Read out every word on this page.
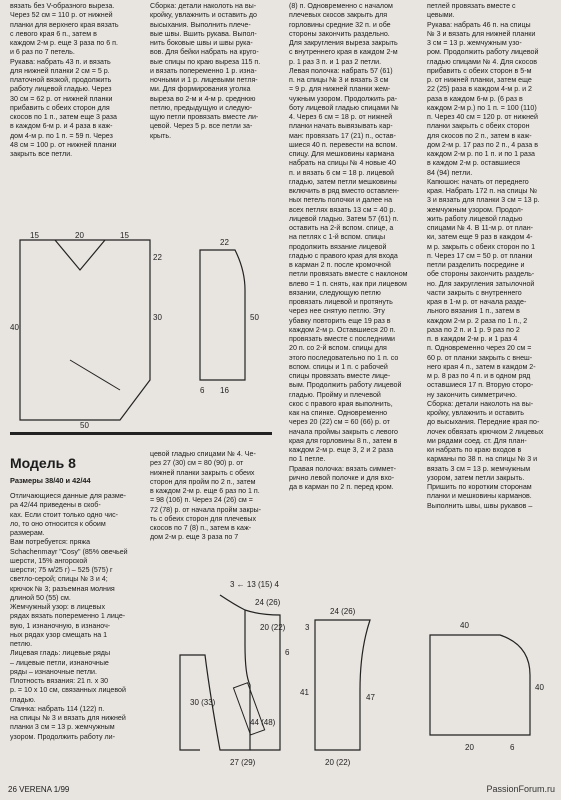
вязать без V-образного выреза.

Через 52 см = 110 р. от нижней

планки для верхнего края вязать

с левого края 6 п., затем в

каждом 2-м р. еще 3 раза по 6 п.

и 6 раз по 7 петель.

Рукава: набрать 43 п. и вязать

для нижней планки 2 см = 5 р.

платочной вязкой, продолжить

работу лицевой гладью. Через

30 см = 62 р. от нижней планки

прибавить с обеих сторон для

скосов по 1 п., затем еще 3 раза

в каждом 6-м р. и 4 раза в каж-

дом 4-м р. по 1 п. = 59 п. Через

48 см = 100 р. от нижней планки

закрыть все петли.

Сборка: детали наколоть на вы-

кройку, увлажнить и оставить до

высыхания. Выполнить плече-

вые швы. Вшить рукава. Выпол-

нить боковые швы и швы рука-

вов. Для бейки набрать на круго-

вые спицы по краю выреза 115 п.

и вязать попеременно 1 р. изна-

ночными и 1 р. лицевыми петля-

ми. Для формирования уголка

выреза во 2-м и 4-м р. среднюю

петлю, предыдущую и следую-

щую петли провязать вместе ли-

цевой. Через 5 р. все петли за-

крыть.

(8) п. Одновременно с началом

плечевых скосов закрыть для

горловины средние 32 п. и обе

стороны закончить раздельно.

Для закругления выреза закрыть

с внутреннего края в каждом 2-м

р. 1 раз 3 п. и 1 раз 2 петли.

Левая полочка: набрать 57 (61)

п. на спицы № 3 и вязать 3 см

= 9 р. для нижней планки жем-

чужным узором. Продолжить ра-

боту лицевой гладью спицами №

4. Через 6 см = 18 р. от нижней

планки начать вывязывать кар-

ман: провязать 17 (21) п., остав-

шиеся 40 п. перевести на вспом.

спицу. Для мешковины кармана

набрать на спицы № 4 новые 40

п. и вязать 6 см = 18 р. лицевой

гладью, затем петли мешковины

включить в ряд вместо оставлен-

ных петель полочки и далее на

всех петлях вязать 13 см = 40 р.

лицевой гладью. Затем 57 (61) п.

оставить на 2-й вспом. спице, а

на петлях с 1-й вспом. спицы

продолжить вязание лицевой

гладью с правого края для входа

в карман 2 п. после кромочной

петли провязать вместе с наклоном

влево = 1 п. снять, как при лицевом

вязании, следующую петлю

провязать лицевой и протянуть

через нее снятую петлю. Эту

убавку повторить еще 19 раз в

каждом 2-м р. Оставшиеся 20 п.

провязать вместе с последними

20 п. со 2-й вспом. спицы для

этого последовательно по 1 п. со

вспом. спицы и 1 п. с рабочей

спицы провязать вместе лице-

вым. Продолжить работу лицевой

гладью. Пройму и плечевой

скос с правого края выполнить,

как на спинке. Одновременно

через 20 (22) см = 60 (66) р. от

начала проймы закрыть с левого

края для горловины 8 п., затем в

каждом 2-м р. еще 3, 2 и 2 раза

по 1 петле.

Правая полочка: вязать симмет-

рично левой полочке и для вхо-

да в карман по 2 п. перед кром.

петлей провязать вместе с

цевыми.

Рукава: набрать 46 п. на спицы

№ 3 и вязать для нижней планки

3 см = 13 р. жемчужным узо-

ром. Продолжить работу лицевой

гладью спицами № 4. Для скосов

прибавить с обеих сторон в 5-м

р. от нижней планки, затем еще

22 (25) раза в каждом 4-м р. и 2

раза в каждом 6-м р. (6 раз в

каждом 2-м р.) по 1 п. = 100 (110)

п. Через 40 см = 120 р. от нижней

планки закрыть с обеих сторон

для скосов по 2 п., затем в каж-

дом 2-м р. 17 раз по 2 п., 4 раза в

каждом 2-м р. по 1 п. и по 1 раза

в каждом 2-м р. оставшиеся

84 (94) петли.

Капюшон: начать от переднего

края. Набрать 172 п. на спицы №

3 и вязать для планки 3 см = 13 р.

жемчужным узором. Продол-

жить работу лицевой гладью

спицами № 4. В 11-м р. от план-

ки, затем еще 9 раз в каждом 4-

м р. закрыть с обеих сторон по 1

п. Через 17 см = 50 р. от планки

петли разделить посредине и

обе стороны закончить раздель-

но. Для закругления затылочной

части закрыть с внутреннего

края в 1-м р. от начала разде-

льного вязания 1 п., затем в

каждом 2-м р. 2 раза по 1 п., 2

раза по 2 п. и 1 р. 9 раз по 2

п. в каждом 2-м р. и 1 раз 4

п. Одновременно через 20 см =

60 р. от планки закрыть с внеш-

него края 4 п., затем в каждом 2-

м р. 8 раз по 4 п. и в одном ряд

оставшиеся 17 п. Вторую сторо-

ну закончить симметрично.

Сборка: детали наколоть на вы-

кройку, увлажнить и оставить

до высыхания. Передние края по-

лочек обвязать крючком 2 лицевых

ми рядами соед. ст. Для план-

ки набрать по краю входов в

карманы по 38 п. на спицы № 3 и

вязать 3 см = 13 р. жемчужным

узором, затем петли закрыть.

Пришить по коротким сторонам

планки и мешковины карманов.

Выполнить швы, швы рукавов –

15	20	15
22
30
40
50
22
50
6 16
Модель 8
Размеры 38/40 и 42/44

Отличающиеся данные для разме-

ра 42/44 приведены в скоб-

ках. Если стоит только одно чис-

ло, то оно относится к обоим

размерам.

Вам потребуется: пряжа

Schachenmayr "Cosy" (85% овечьей

шерсти, 15% ангорской

шерсти; 75 м/25 г) – 525 (575) г

светло-серой; спицы № 3 и 4;

крючок № 3; разъемная молния

длиной 50 (55) см.

Жемчужный узор: в лицевых

рядах вязать попеременно 1 лице-

вую, 1 изнаночную, в изнаноч-

ных рядах узор смещать на 1

петлю.

Лицевая гладь: лицевые ряды

– лицевые петли, изнаночные

ряды – изнаночные петли.

Плотность вязания: 21 п. х 30

р. = 10 х 10 см, связанных лицевой

гладью.

Спинка: набрать 114 (122) п.

на спицы № 3 и вязать для нижней

планки 3 см = 13 р. жемчужным

узором. Продолжить работу ли-

цевой гладью спицами № 4. Че-

рез 27 (30) см = 80 (90) р. от

нижней планки закрыть с обеих

сторон для пройм по 2 п., затем

в каждом 2-м р. еще 6 раз по 1 п.

= 98 (106) п. Через 24 (26) см =

72 (78) р. от начала пройм закры-

ть с обеих сторон для плечевых

скосов по 7 (8) п., затем в каж-

дом 2-м р. еще 3 раза по 7

3 ← 13 (15) 4
24 (26)
20 (22)
6
44 (48)
30 (33)
27 (29)
24 (26)
47
20 (22)
41
3	40
40
20	6
26 VERENA 1/99	PassionForum.ru
